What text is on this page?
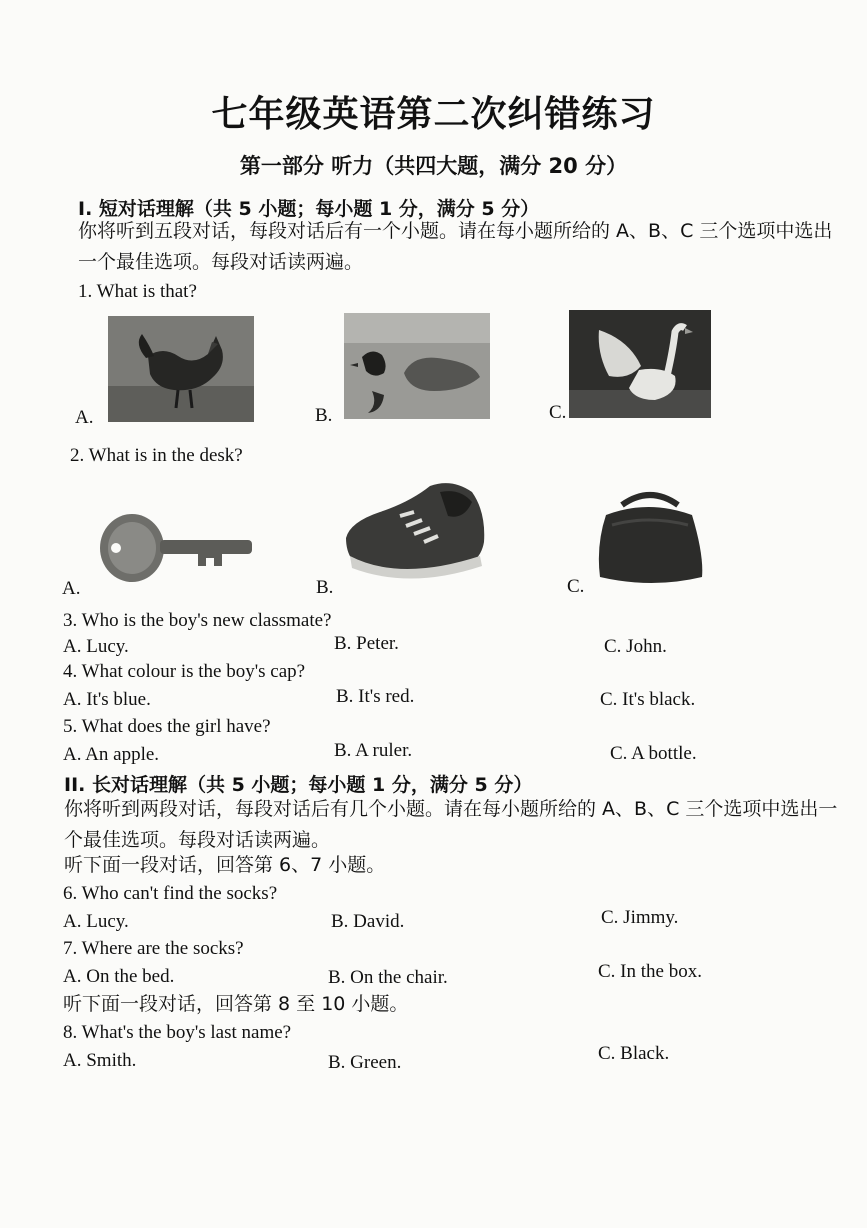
七年级英语第二次纠错练习
第一部分 听力（共四大题，满分 20 分）
I. 短对话理解（共 5 小题；每小题 1 分，满分 5 分）
你将听到五段对话，每段对话后有一个小题。请在每小题所给的 A、B、C 三个选项中选出一个最佳选项。每段对话读两遍。
1. What is that?
A.	B.	C.
2. What is in the desk?
A.	B.	C.
3. Who is the boy's new classmate?
A. Lucy.	B. Peter.	C. John.
4. What colour is the boy's cap?
A. It's blue.	B. It's red.	C. It's black.
5. What does the girl have?
A. An apple.	B. A ruler.	C. A bottle.
II. 长对话理解（共 5 小题；每小题 1 分，满分 5 分）
你将听到两段对话，每段对话后有几个小题。请在每小题所给的 A、B、C 三个选项中选出一个最佳选项。每段对话读两遍。
听下面一段对话，回答第 6、7 小题。
6. Who can't find the socks?
A. Lucy.	B. David.	C. Jimmy.
7. Where are the socks?
A. On the bed.	B. On the chair.	C. In the box.
听下面一段对话，回答第 8 至 10 小题。
8. What's the boy's last name?
A. Smith.	B. Green.	C. Black.
